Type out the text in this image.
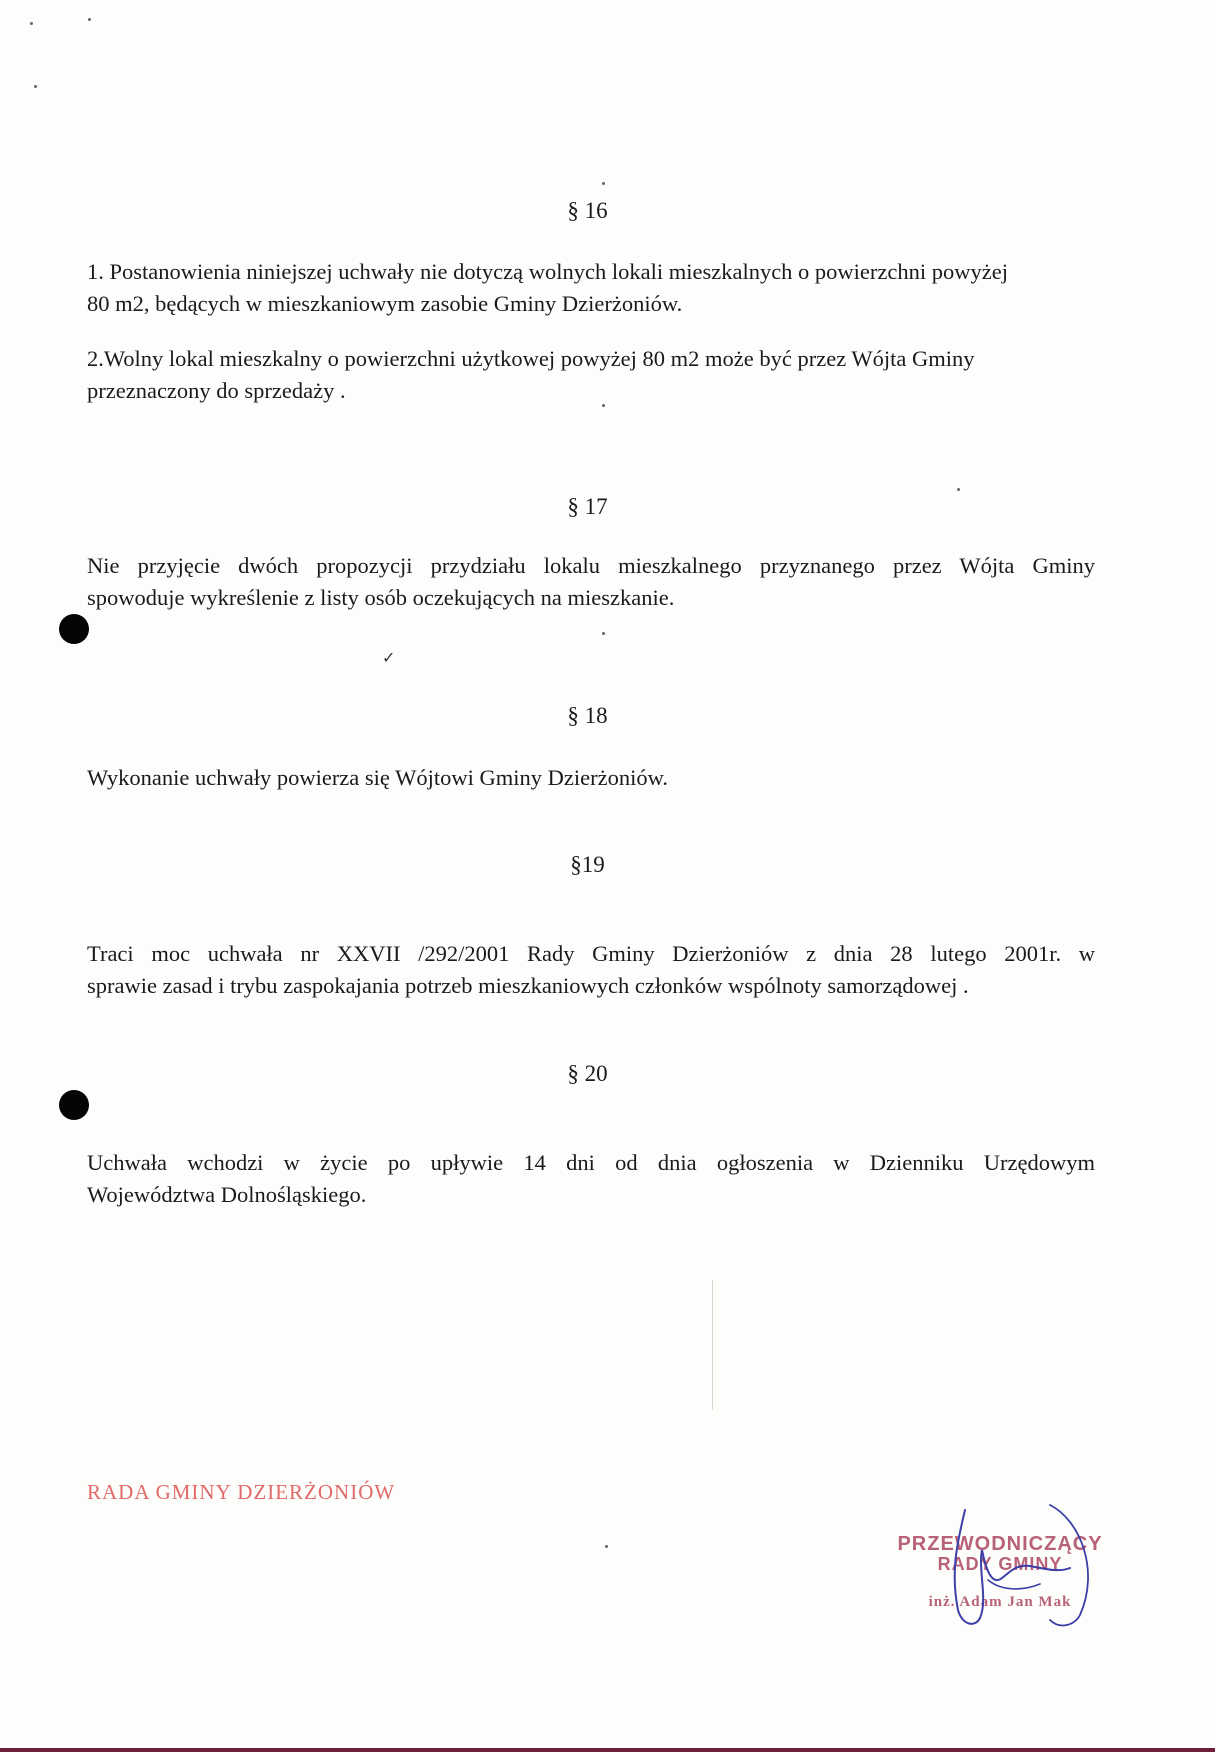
✓
§ 16

1. Postanowienia niniejszej uchwały nie dotyczą wolnych lokali mieszkalnych o powierzchni powyżej
80 m2, będących w mieszkaniowym zasobie Gminy Dzierżoniów.

2.Wolny lokal mieszkalny o powierzchni użytkowej powyżej 80 m2 może być przez Wójta Gminy
przeznaczony do sprzedaży .

§ 17

Nie przyjęcie dwóch propozycji przydziału lokalu mieszkalnego przyznanego przez Wójta Gminy
spowoduje wykreślenie z listy osób oczekujących na mieszkanie.

§ 18

Wykonanie uchwały powierza się Wójtowi Gminy Dzierżoniów.

§19

Traci moc uchwała nr XXVII /292/2001 Rady Gminy Dzierżoniów z dnia 28 lutego 2001r. w
sprawie zasad i trybu zaspokajania potrzeb mieszkaniowych członków wspólnoty samorządowej .

§ 20

Uchwała wchodzi w życie po upływie 14 dni od dnia ogłoszenia w Dzienniku Urzędowym
Województwa Dolnośląskiego.

RADA GMINY DZIERŻONIÓW
PRZEWODNICZĄCY
RADY GMINY
inż. Adam Jan Mak
